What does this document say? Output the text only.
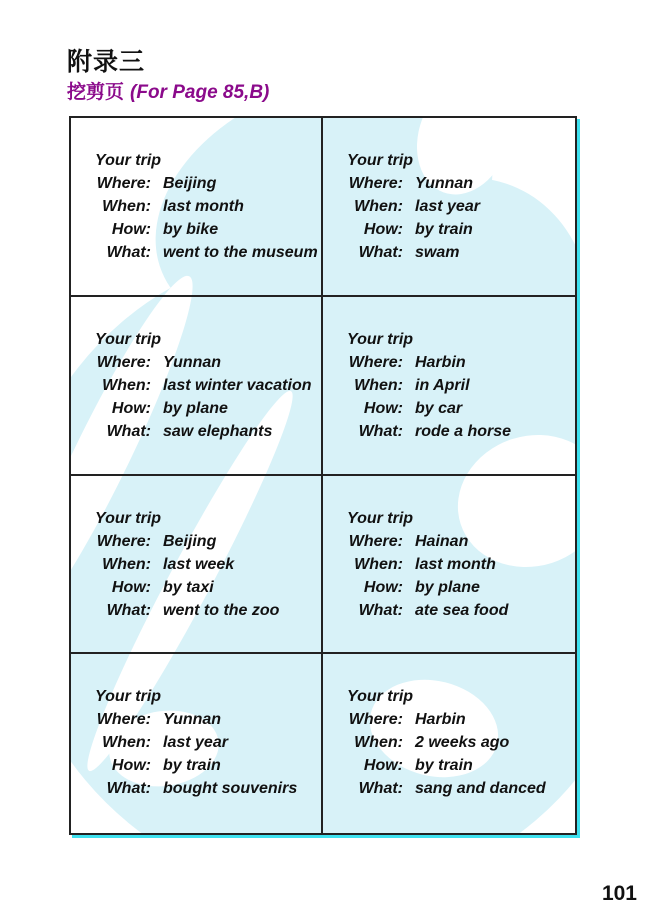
附录三
挖剪页 (For Page 85,B)
Your trip
Where: Beijing
When: last month
How: by bike
What: went to the museum
Your trip
Where: Yunnan
When: last year
How: by train
What: swam
Your trip
Where: Yunnan
When: last winter vacation
How: by plane
What: saw elephants
Your trip
Where: Harbin
When: in April
How: by car
What: rode a horse
Your trip
Where: Beijing
When: last week
How: by taxi
What: went to the zoo
Your trip
Where: Hainan
When: last month
How: by plane
What: ate sea food
Your trip
Where: Yunnan
When: last year
How: by train
What: bought souvenirs
Your trip
Where: Harbin
When: 2 weeks ago
How: by train
What: sang and danced
101
